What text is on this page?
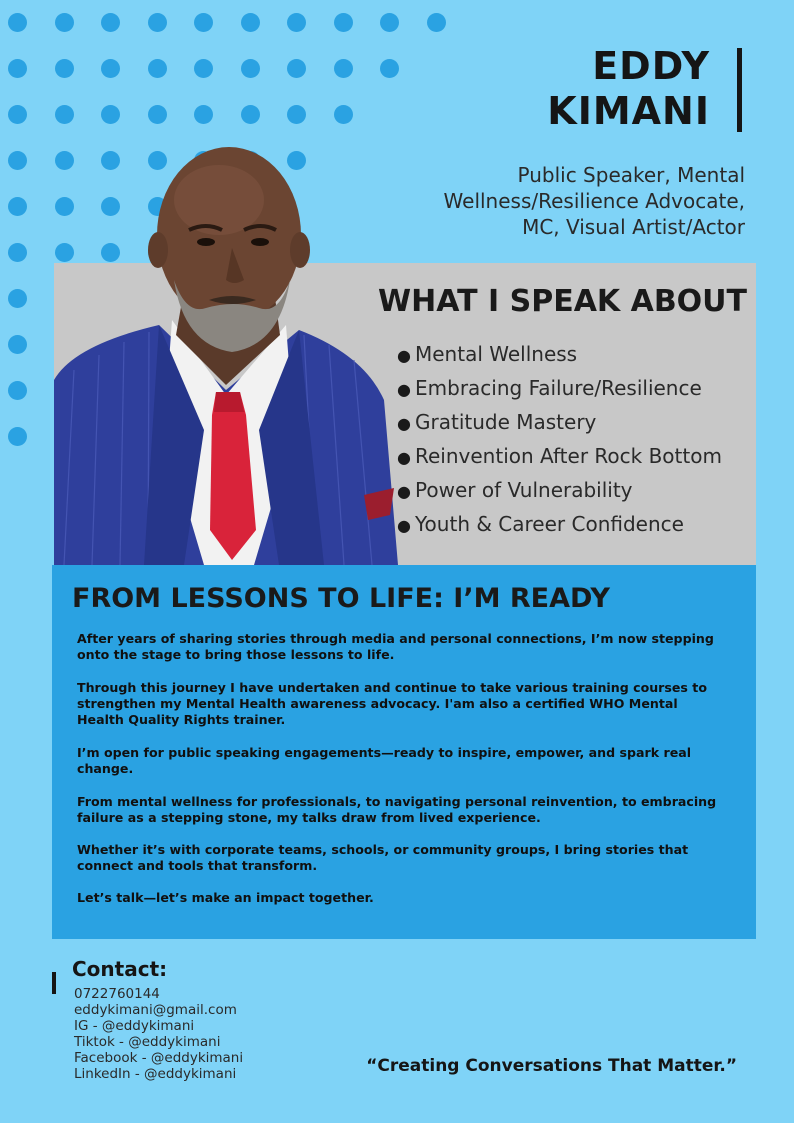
EDDY
KIMANI
Public Speaker, Mental
Wellness/Resilience Advocate,
MC, Visual Artist/Actor
WHAT I SPEAK ABOUT
● Mental Wellness
● Embracing Failure/Resilience
● Gratitude Mastery
● Reinvention After Rock Bottom
● Power of Vulnerability
● Youth & Career Confidence
FROM LESSONS TO LIFE: I’M READY

After years of sharing stories through media and personal connections, I’m now stepping onto the stage to bring those lessons to life.

Through this journey I have undertaken and continue to take various training courses to strengthen my Mental Health awareness advocacy. I'am also a certified WHO Mental Health Quality Rights trainer.

I’m open for public speaking engagements—ready to inspire, empower, and spark real change.

From mental wellness for professionals, to navigating personal reinvention, to embracing failure as a stepping stone, my talks draw from lived experience.

Whether it’s with corporate teams, schools, or community groups, I bring stories that connect and tools that transform.

Let’s talk—let’s make an impact together.

Contact:
0722760144
eddykimani@gmail.com
IG - @eddykimani
Tiktok - @eddykimani
Facebook - @eddykimani
LinkedIn - @eddykimani	“Creating Conversations That Matter.”
